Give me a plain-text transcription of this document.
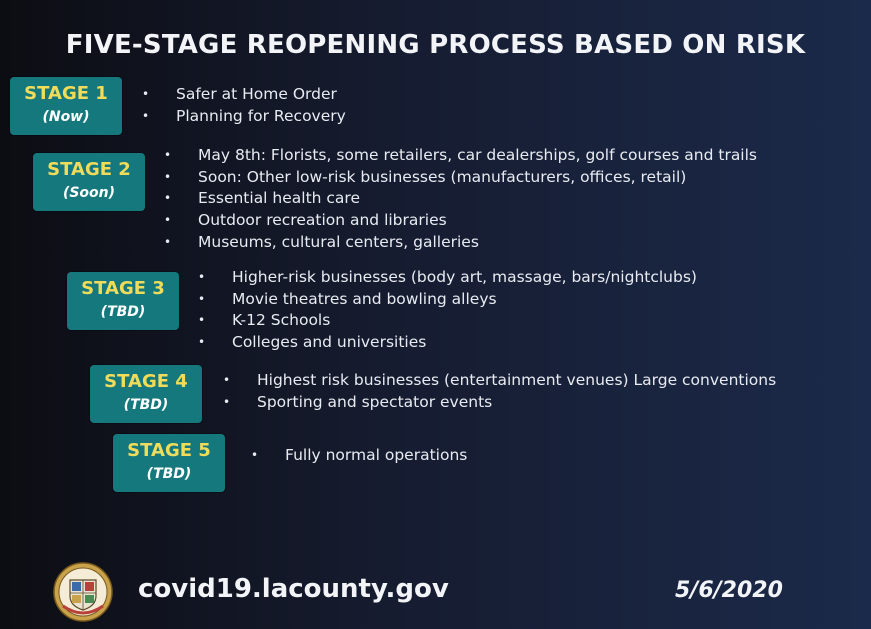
FIVE-STAGE REOPENING PROCESS BASED ON RISK
STAGE 1
(Now)
• Safer at Home Order
• Planning for Recovery
STAGE 2
(Soon)
• May 8th: Florists, some retailers, car dealerships, golf courses and trails
• Soon: Other low-risk businesses (manufacturers, offices, retail)
• Essential health care
• Outdoor recreation and libraries
• Museums, cultural centers, galleries
STAGE 3
(TBD)
• Higher-risk businesses (body art, massage, bars/nightclubs)
• Movie theatres and bowling alleys
• K-12 Schools
• Colleges and universities
STAGE 4
(TBD)
• Highest risk businesses (entertainment venues) Large conventions
• Sporting and spectator events
STAGE 5
(TBD)
• Fully normal operations
covid19.lacounty.gov	5/6/2020
